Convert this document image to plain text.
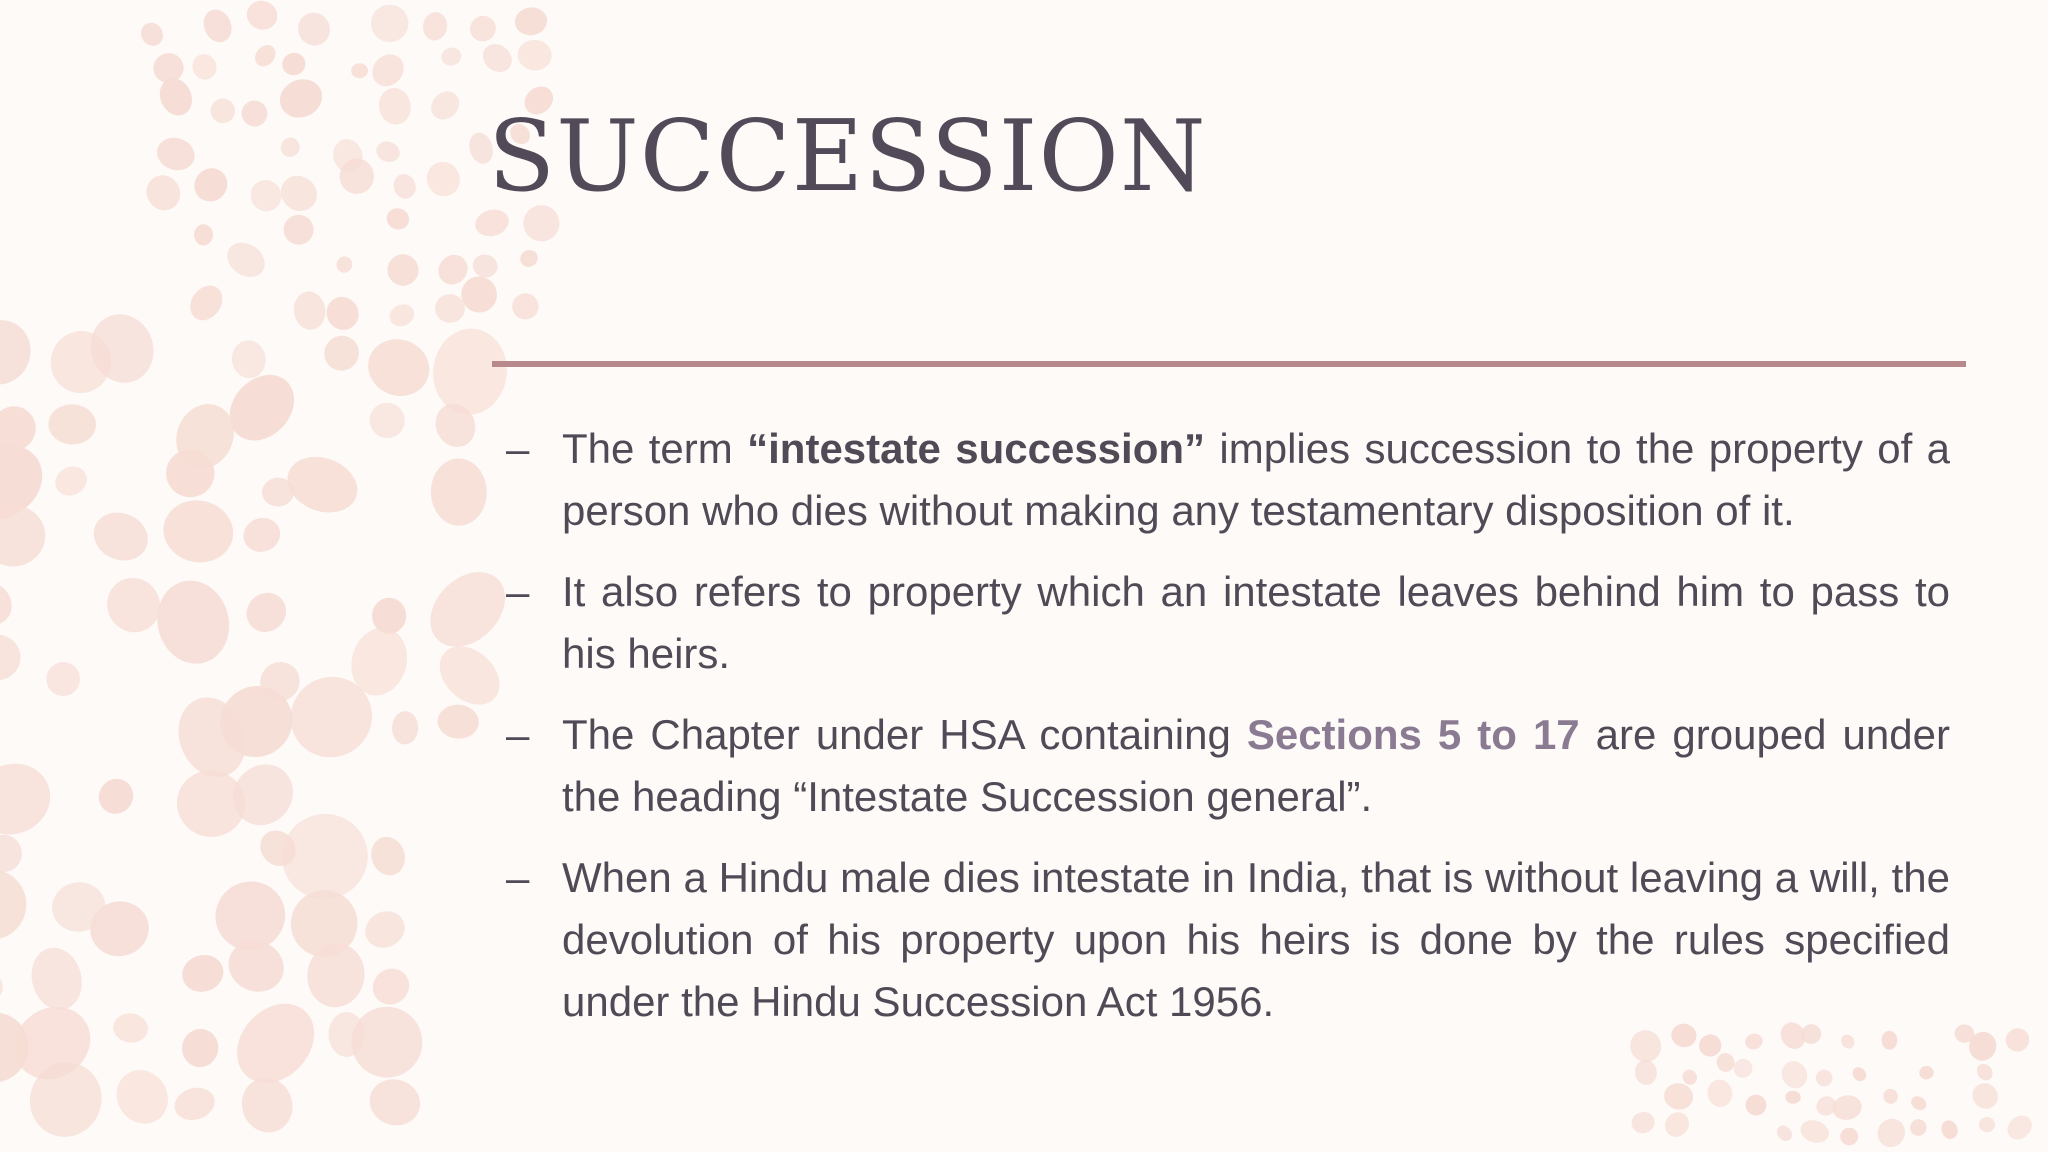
SUCCESSION
– The term “intestate succession” implies succession to the property of a person who dies without making any testamentary disposition of it.
– It also refers to property which an intestate leaves behind him to pass to his heirs.
– The Chapter under HSA containing Sections 5 to 17 are grouped under the heading “Intestate Succession general”.
– When a Hindu male dies intestate in India, that is without leaving a will, the devolution of his property upon his heirs is done by the rules specified under the Hindu Succession Act 1956.
